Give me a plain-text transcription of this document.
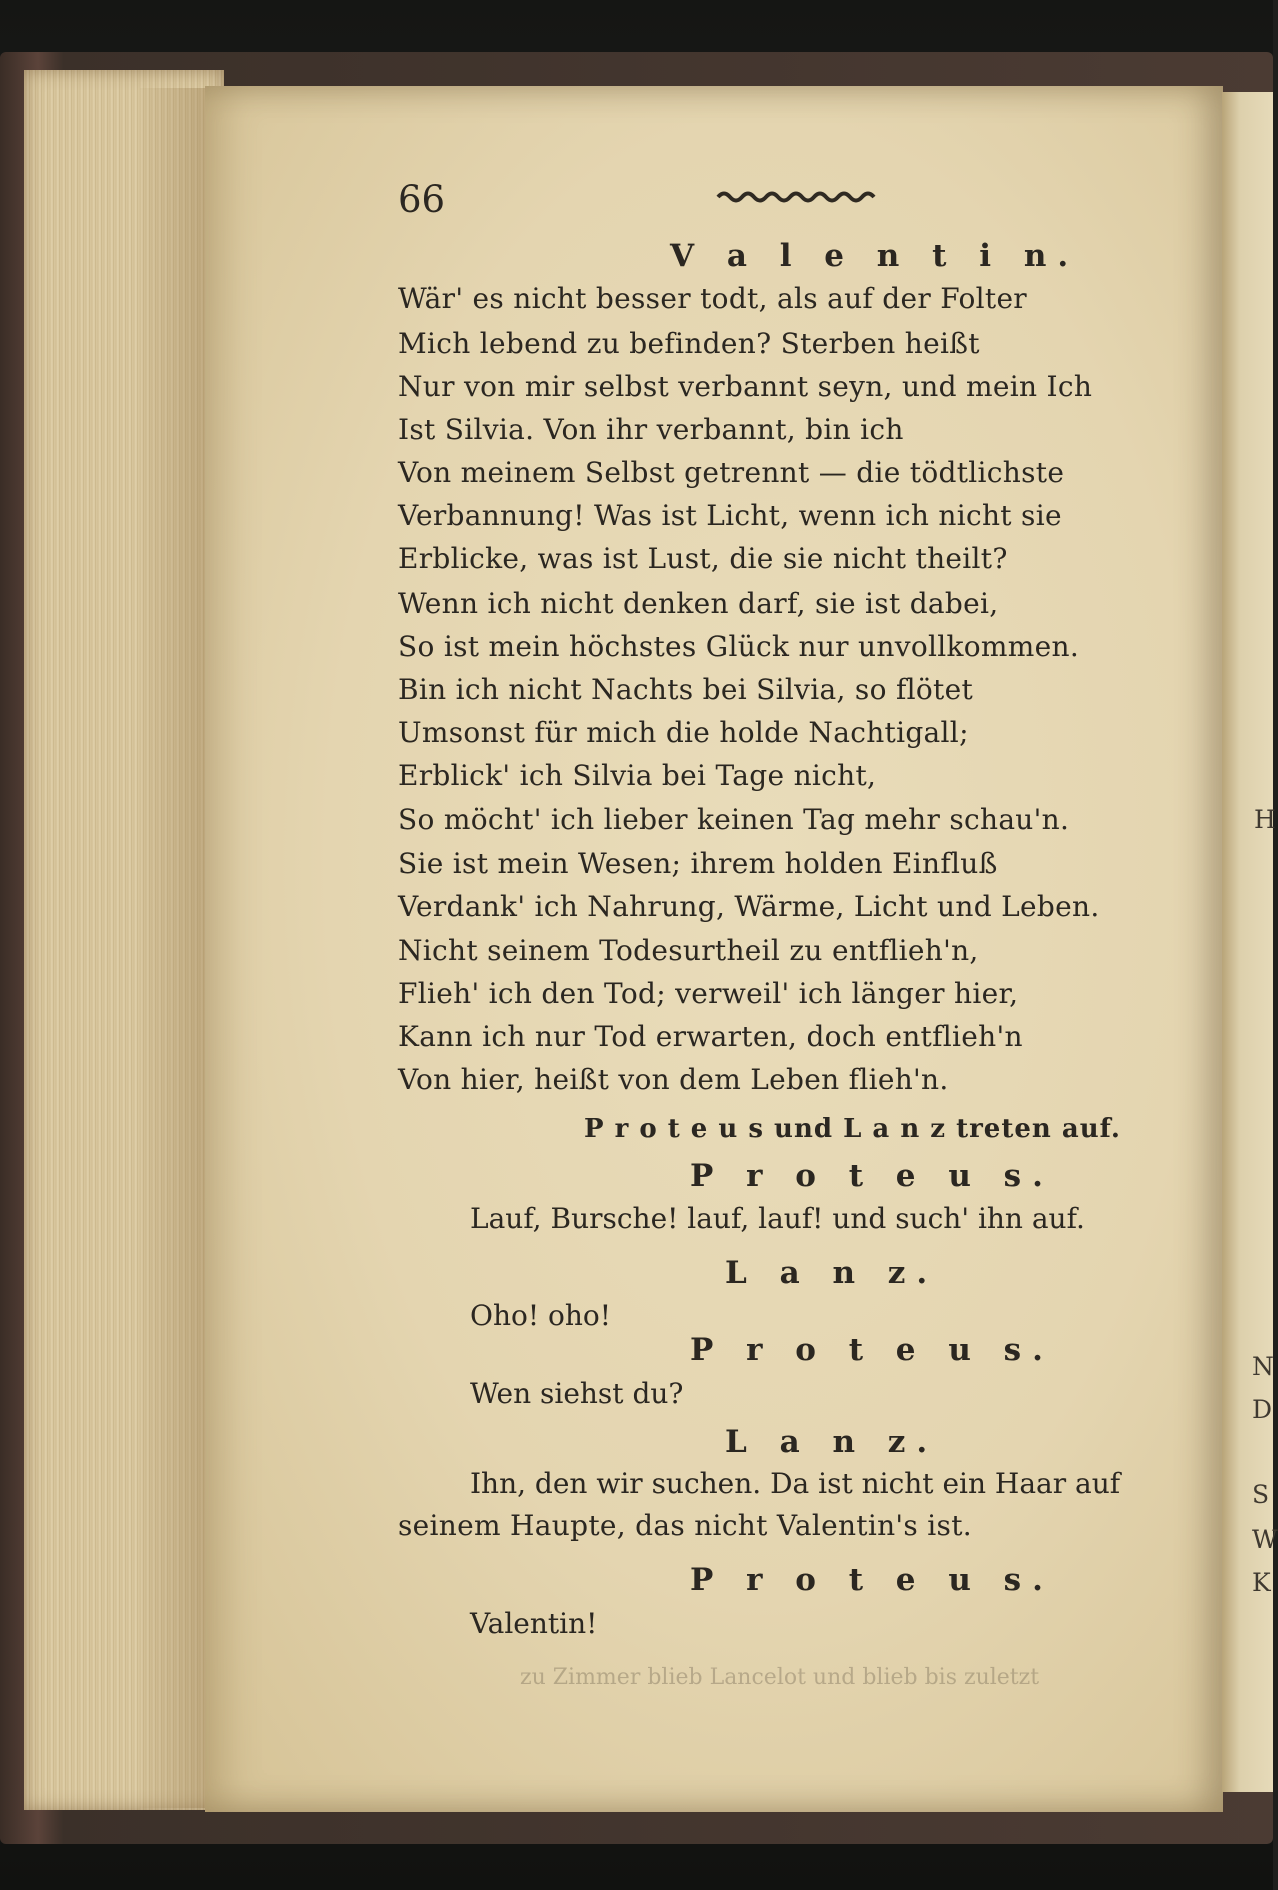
66

V a l e n t i n.

Wär' es nicht besser todt, als auf der Folter

Mich lebend zu befinden? Sterben heißt

Nur von mir selbst verbannt seyn, und mein Ich

Ist Silvia. Von ihr verbannt, bin ich

Von meinem Selbst getrennt — die tödtlichste

Verbannung! Was ist Licht, wenn ich nicht sie

Erblicke, was ist Lust, die sie nicht theilt?

Wenn ich nicht denken darf, sie ist dabei,

So ist mein höchstes Glück nur unvollkommen.

Bin ich nicht Nachts bei Silvia, so flötet

Umsonst für mich die holde Nachtigall;

Erblick' ich Silvia bei Tage nicht,

So möcht' ich lieber keinen Tag mehr schau'n.

Sie ist mein Wesen; ihrem holden Einfluß

Verdank' ich Nahrung, Wärme, Licht und Leben.

Nicht seinem Todesurtheil zu entflieh'n,

Flieh' ich den Tod; verweil' ich länger hier,

Kann ich nur Tod erwarten, doch entflieh'n

Von hier, heißt von dem Leben flieh'n.

P r o t e u s und L a n z treten auf.

P r o t e u s.

Lauf, Bursche! lauf, lauf! und such' ihn auf.

L a n z.

Oho! oho!

P r o t e u s.

Wen siehst du?

L a n z.

Ihn, den wir suchen. Da ist nicht ein Haar auf

seinem Haupte, das nicht Valentin's ist.

P r o t e u s.

Valentin!

H
N
D
S
W
K
zu Zimmer blieb Lancelot und blieb bis zuletzt
